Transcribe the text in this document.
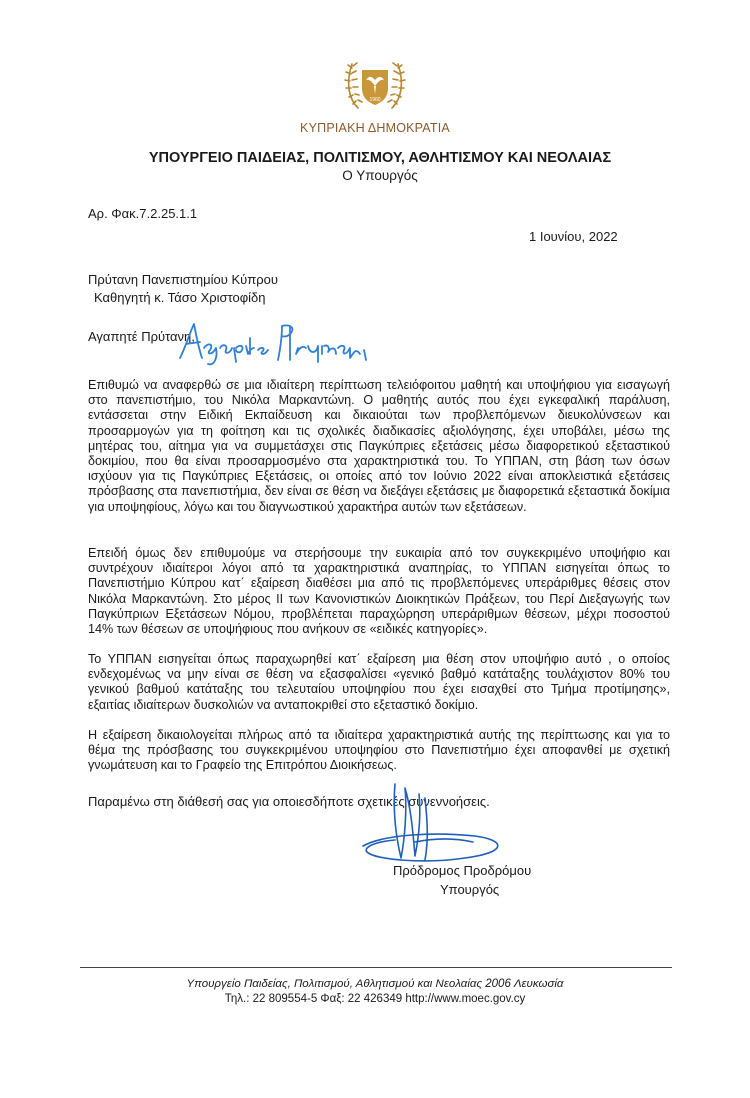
1960
ΚΥΠΡΙΑΚΗ ΔΗΜΟΚΡΑΤΙΑ
ΥΠΟΥΡΓΕΙΟ ΠΑΙΔΕΙΑΣ, ΠΟΛΙΤΙΣΜΟΥ, ΑΘΛΗΤΙΣΜΟΥ ΚΑΙ ΝΕΟΛΑΙΑΣ
Ο Υπουργός
Αρ. Φακ.7.2.25.1.1
1 Ιουνίου, 2022
Πρύτανη Πανεπιστημίου Κύπρου
Καθηγητή κ. Τάσο Χριστοφίδη
Αγαπητέ Πρύτανη,
Επιθυμώ να αναφερθώ σε μια ιδιαίτερη περίπτωση τελειόφοιτου μαθητή και υποψήφιου για εισαγωγή στο πανεπιστήμιο, του Νικόλα Μαρκαντώνη. Ο μαθητής αυτός που έχει εγκεφαλική παράλυση, εντάσσεται στην Ειδική Εκπαίδευση και δικαιούται των προβλεπόμενων διευκολύνσεων και προσαρμογών για τη φοίτηση και τις σχολικές διαδικασίες αξιολόγησης, έχει υποβάλει, μέσω της μητέρας του, αίτημα για να συμμετάσχει στις Παγκύπριες εξετάσεις μέσω διαφορετικού εξεταστικού δοκιμίου, που θα είναι προσαρμοσμένο στα χαρακτηριστικά του. Το ΥΠΠΑΝ, στη βάση των όσων ισχύουν για τις Παγκύπριες Εξετάσεις, οι οποίες από τον Ιούνιο 2022 είναι αποκλειστικά εξετάσεις πρόσβασης στα πανεπιστήμια, δεν είναι σε θέση να διεξάγει εξετάσεις με διαφορετικά εξεταστικά δοκίμια για υποψηφίους, λόγω και του διαγνωστικού χαρακτήρα αυτών των εξετάσεων.
Επειδή όμως δεν επιθυμούμε να στερήσουμε την ευκαιρία από τον συγκεκριμένο υποψήφιο και συντρέχουν ιδιαίτεροι λόγοι από τα χαρακτηριστικά αναπηρίας, το ΥΠΠΑΝ εισηγείται όπως το Πανεπιστήμιο Κύπρου κατ΄ εξαίρεση διαθέσει μια από τις προβλεπόμενες υπεράριθμες θέσεις στον Νικόλα Μαρκαντώνη. Στο μέρος ΙΙ των Κανονιστικών Διοικητικών Πράξεων, του Περί Διεξαγωγής των Παγκύπριων Εξετάσεων Νόμου, προβλέπεται παραχώρηση υπεράριθμων θέσεων, μέχρι ποσοστού 14% των θέσεων σε υποψήφιους που ανήκουν σε «ειδικές κατηγορίες».
Το ΥΠΠΑΝ εισηγείται όπως παραχωρηθεί κατ΄ εξαίρεση μια θέση στον υποψήφιο αυτό , ο οποίος ενδεχομένως να μην είναι σε θέση να εξασφαλίσει «γενικό βαθμό κατάταξης τουλάχιστον 80% του γενικού βαθμού κατάταξης του τελευταίου υποψηφίου που έχει εισαχθεί στο Τμήμα προτίμησης», εξαιτίας ιδιαίτερων δυσκολιών να ανταποκριθεί στο εξεταστικό δοκίμιο.
Η εξαίρεση δικαιολογείται πλήρως από τα ιδιαίτερα χαρακτηριστικά αυτής της περίπτωσης και για το θέμα της πρόσβασης του συγκεκριμένου υποψηφίου στο Πανεπιστήμιο έχει αποφανθεί με σχετική γνωμάτευση και το Γραφείο της Επιτρόπου Διοικήσεως.
Παραμένω στη διάθεσή σας για οποιεσδήποτε σχετικές συνεννοήσεις.
Πρόδρομος Προδρόμου
Υπουργός
Υπουργείο Παιδείας, Πολιτισμού, Αθλητισμού και Νεολαίας 2006 Λευκωσία
Τηλ.: 22 809554-5 Φαξ: 22 426349 http://www.moec.gov.cy
